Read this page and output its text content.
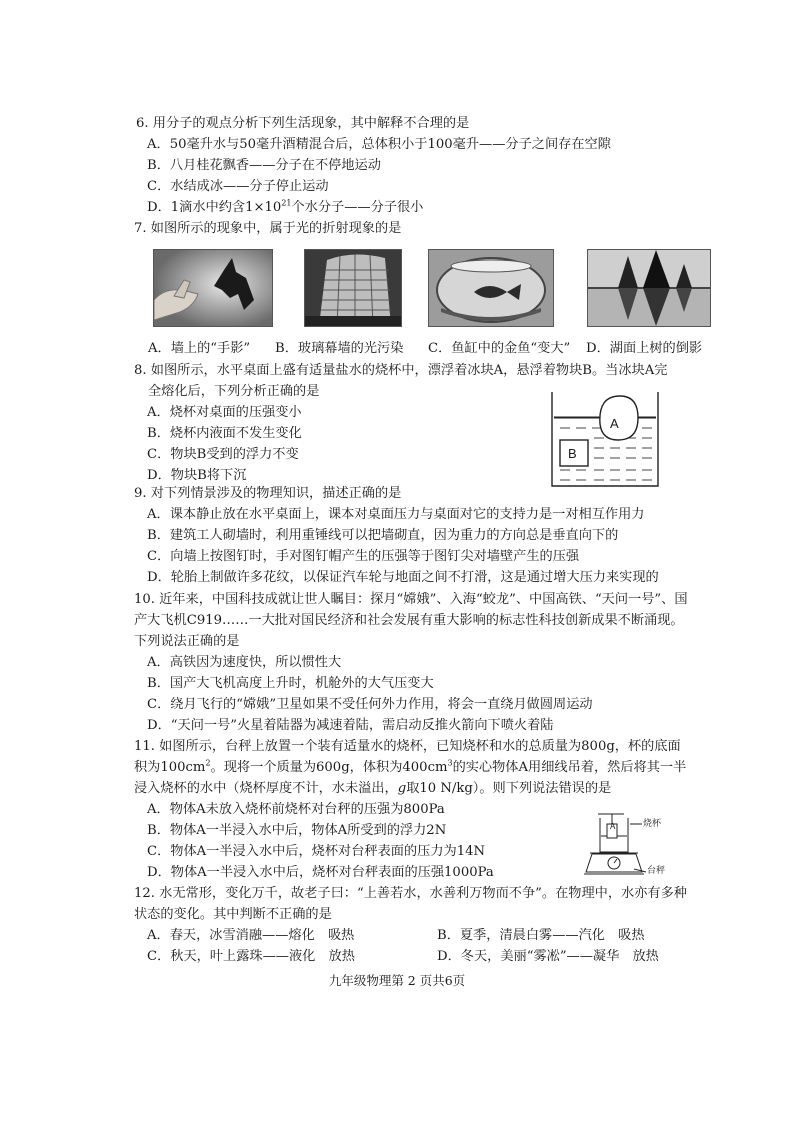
6. 用分子的观点分析下列生活现象，其中解释不合理的是
A．50毫升水与50毫升酒精混合后，总体积小于100毫升——分子之间存在空隙
B．八月桂花飘香——分子在不停地运动
C．水结成冰——分子停止运动
D．1滴水中约含$1\times 10^{21}$个水分子——分子很小
7. 如图所示的现象中，属于光的折射现象的是
A．墙上的“手影” B．玻璃幕墙的光污染 C．鱼缸中的金鱼“变大” D．湖面上树的倒影
8. 如图所示，水平桌面上盛有适量盐水的烧杯中，漂浮着冰块A，悬浮着物块B。当冰块A完
全熔化后，下列分析正确的是
A．烧杯对桌面的压强变小
B．烧杯内液面不发生变化
C．物块B受到的浮力不变
D．物块B将下沉
A
B
9. 对下列情景涉及的物理知识，描述正确的是
A．课本静止放在水平桌面上，课本对桌面压力与桌面对它的支持力是一对相互作用力
B．建筑工人砌墙时，利用重锤线可以把墙砌直，因为重力的方向总是垂直向下的
C．向墙上按图钉时，手对图钉帽产生的压强等于图钉尖对墙壁产生的压强
D．轮胎上制做许多花纹，以保证汽车轮与地面之间不打滑，这是通过增大压力来实现的
10. 近年来，中国科技成就让世人瞩目：探月“嫦娥”、入海“蛟龙”、中国高铁、“天问一号”、国
产大飞机C919……一大批对国民经济和社会发展有重大影响的标志性科技创新成果不断涌现。
下列说法正确的是
A．高铁因为速度快，所以惯性大
B．国产大飞机高度上升时，机舱外的大气压变大
C．绕月飞行的“嫦娥”卫星如果不受任何外力作用，将会一直绕月做圆周运动
D．“天问一号”火星着陆器为减速着陆，需启动反推火箭向下喷火着陆
11. 如图所示，台秤上放置一个装有适量水的烧杯，已知烧杯和水的总质量为800g，杯的底面
积为$100cm^2$。现将一个质量为600g，体积为$400cm^3$的实心物体A用细线吊着，然后将其一半
浸入烧杯的水中（烧杯厚度不计，水未溢出，g取10 N/kg）。则下列说法错误的是
A．物体A未放入烧杯前烧杯对台秤的压强为800Pa
B．物体A一半浸入水中后，物体A所受到的浮力2N
C．物体A一半浸入水中后，烧杯对台秤表面的压力为14N
D．物体A一半浸入水中后，烧杯对台秤表面的压强1000Pa
A	烧杯
台秤
12. 水无常形，变化万千，故老子曰：“上善若水，水善利万物而不争”。在物理中，水亦有多种
状态的变化。其中判断不正确的是
A．春天，冰雪消融——熔化　吸热	B．夏季，清晨白雾——汽化　吸热
C．秋天，叶上露珠——液化　放热	D．冬天，美丽“雾凇”——凝华　放热
九年级物理第 2 页共6页
